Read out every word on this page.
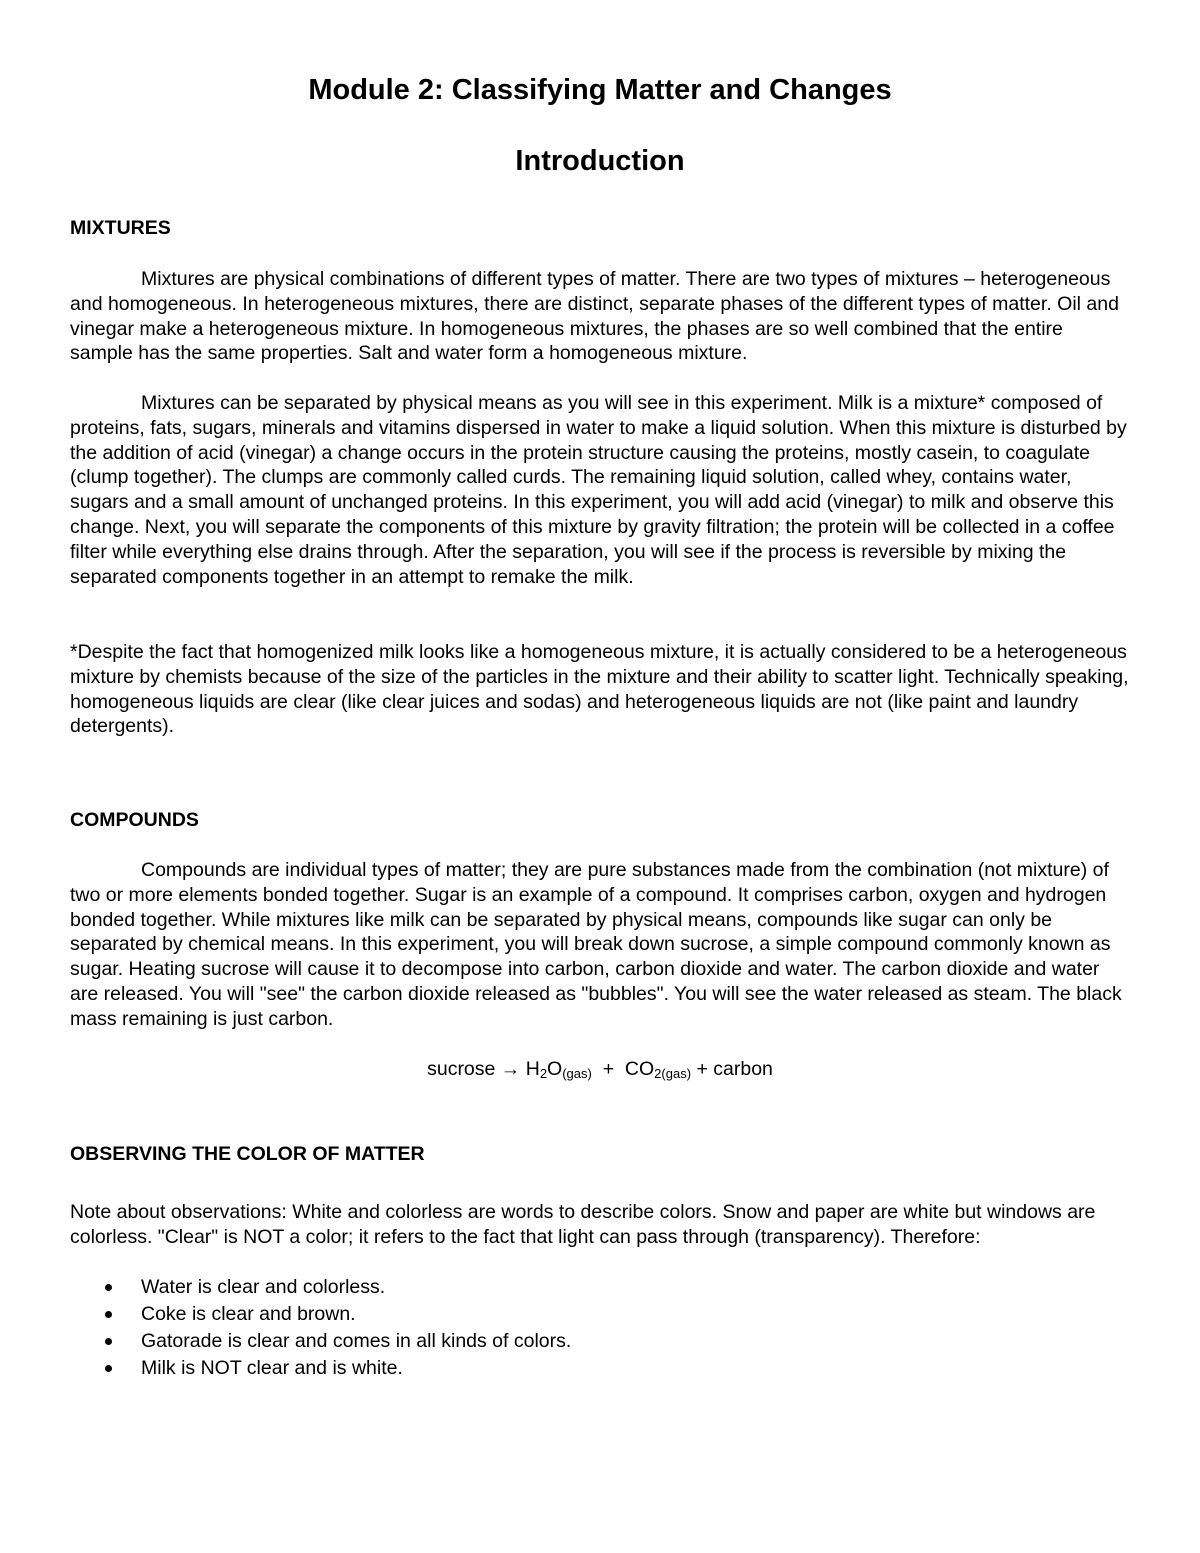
Module 2: Classifying Matter and Changes
Introduction
MIXTURES

Mixtures are physical combinations of different types of matter. There are two types of mixtures – heterogeneous and homogeneous. In heterogeneous mixtures, there are distinct, separate phases of the different types of matter. Oil and vinegar make a heterogeneous mixture. In homogeneous mixtures, the phases are so well combined that the entire sample has the same properties. Salt and water form a homogeneous mixture.

Mixtures can be separated by physical means as you will see in this experiment. Milk is a mixture* composed of proteins, fats, sugars, minerals and vitamins dispersed in water to make a liquid solution. When this mixture is disturbed by the addition of acid (vinegar) a change occurs in the protein structure causing the proteins, mostly casein, to coagulate (clump together). The clumps are commonly called curds. The remaining liquid solution, called whey, contains water, sugars and a small amount of unchanged proteins. In this experiment, you will add acid (vinegar) to milk and observe this change. Next, you will separate the components of this mixture by gravity filtration; the protein will be collected in a coffee filter while everything else drains through. After the separation, you will see if the process is reversible by mixing the separated components together in an attempt to remake the milk.

*Despite the fact that homogenized milk looks like a homogeneous mixture, it is actually considered to be a heterogeneous mixture by chemists because of the size of the particles in the mixture and their ability to scatter light. Technically speaking, homogeneous liquids are clear (like clear juices and sodas) and heterogeneous liquids are not (like paint and laundry detergents).

COMPOUNDS

Compounds are individual types of matter; they are pure substances made from the combination (not mixture) of two or more elements bonded together. Sugar is an example of a compound. It comprises carbon, oxygen and hydrogen bonded together. While mixtures like milk can be separated by physical means, compounds like sugar can only be separated by chemical means. In this experiment, you will break down sucrose, a simple compound commonly known as sugar. Heating sucrose will cause it to decompose into carbon, carbon dioxide and water. The carbon dioxide and water are released. You will "see" the carbon dioxide released as "bubbles". You will see the water released as steam. The black mass remaining is just carbon.

sucrose → $H_2O_{(gas)} + CO_{2(gas)}$ + carbon
OBSERVING THE COLOR OF MATTER

Note about observations: White and colorless are words to describe colors. Snow and paper are white but windows are colorless. "Clear" is NOT a color; it refers to the fact that light can pass through (transparency). Therefore:

Water is clear and colorless.
Coke is clear and brown.
Gatorade is clear and comes in all kinds of colors.
Milk is NOT clear and is white.
